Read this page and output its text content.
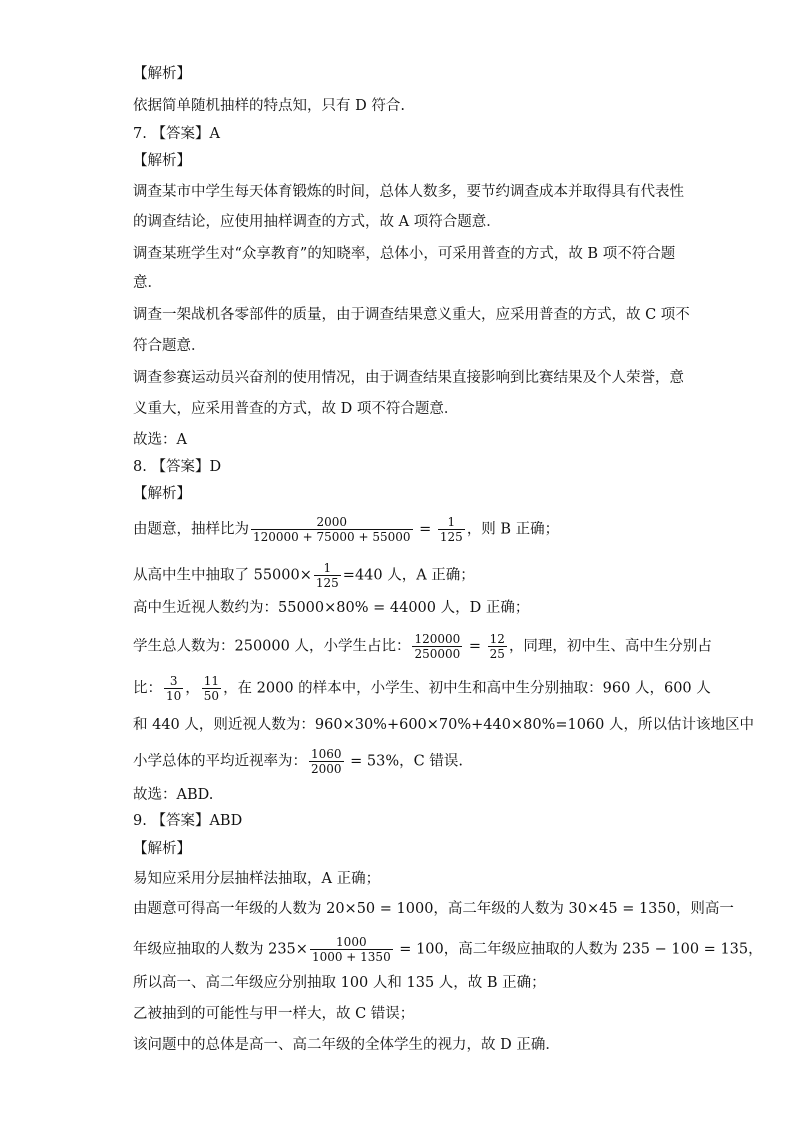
【解析】
依据简单随机抽样的特点知，只有 D 符合.
7. 【答案】A
【解析】
调查某市中学生每天体育锻炼的时间，总体人数多，要节约调查成本并取得具有代表性
的调查结论，应使用抽样调查的方式，故 A 项符合题意．
调查某班学生对“众享教育”的知晓率，总体小，可采用普查的方式，故 B 项不符合题
意．
调查一架战机各零部件的质量，由于调查结果意义重大，应采用普查的方式，故 C 项不
符合题意．
调查参赛运动员兴奋剂的使用情况，由于调查结果直接影响到比赛结果及个人荣誉，意
义重大，应采用普查的方式，故 D 项不符合题意．
故选：A
8. 【答案】D
【解析】
由题意，抽样比为 $\frac{2000}{120000 + 75000 + 55000} = \frac{1}{125}$ ，则 B 正确；
从高中生中抽取了 $55000\times \frac{1}{125} =440$ 人，A 正确；
高中生近视人数约为：55000×80% = 44000 人，D 正确；
学生总人数为：250000 人，小学生占比： $\frac{120000}{250000} = \frac{12}{25}$ ，同理，初中生、高中生分别占
比： $\frac{3}{10}$ ， $\frac{11}{50}$ ，在 2000 的样本中，小学生、初中生和高中生分别抽取：960 人，600 人
和 440 人，则近视人数为：960×30%+600×70%+440×80%=1060 人，所以估计该地区中
小学总体的平均近视率为： $\frac{1060}{2000} = 53\%$，C 错误.
故选：ABD.
9. 【答案】ABD
【解析】
易知应采用分层抽样法抽取，A 正确；
由题意可得高一年级的人数为 20×50 = 1000，高二年级的人数为 30×45 = 1350，则高一
年级应抽取的人数为 $235\times \frac{1000}{1000 + 1350} = 100$，高二年级应抽取的人数为 235 − 100 = 135，
所以高一、高二年级应分别抽取 100 人和 135 人，故 B 正确；
乙被抽到的可能性与甲一样大，故 C 错误；
该问题中的总体是高一、高二年级的全体学生的视力，故 D 正确．
